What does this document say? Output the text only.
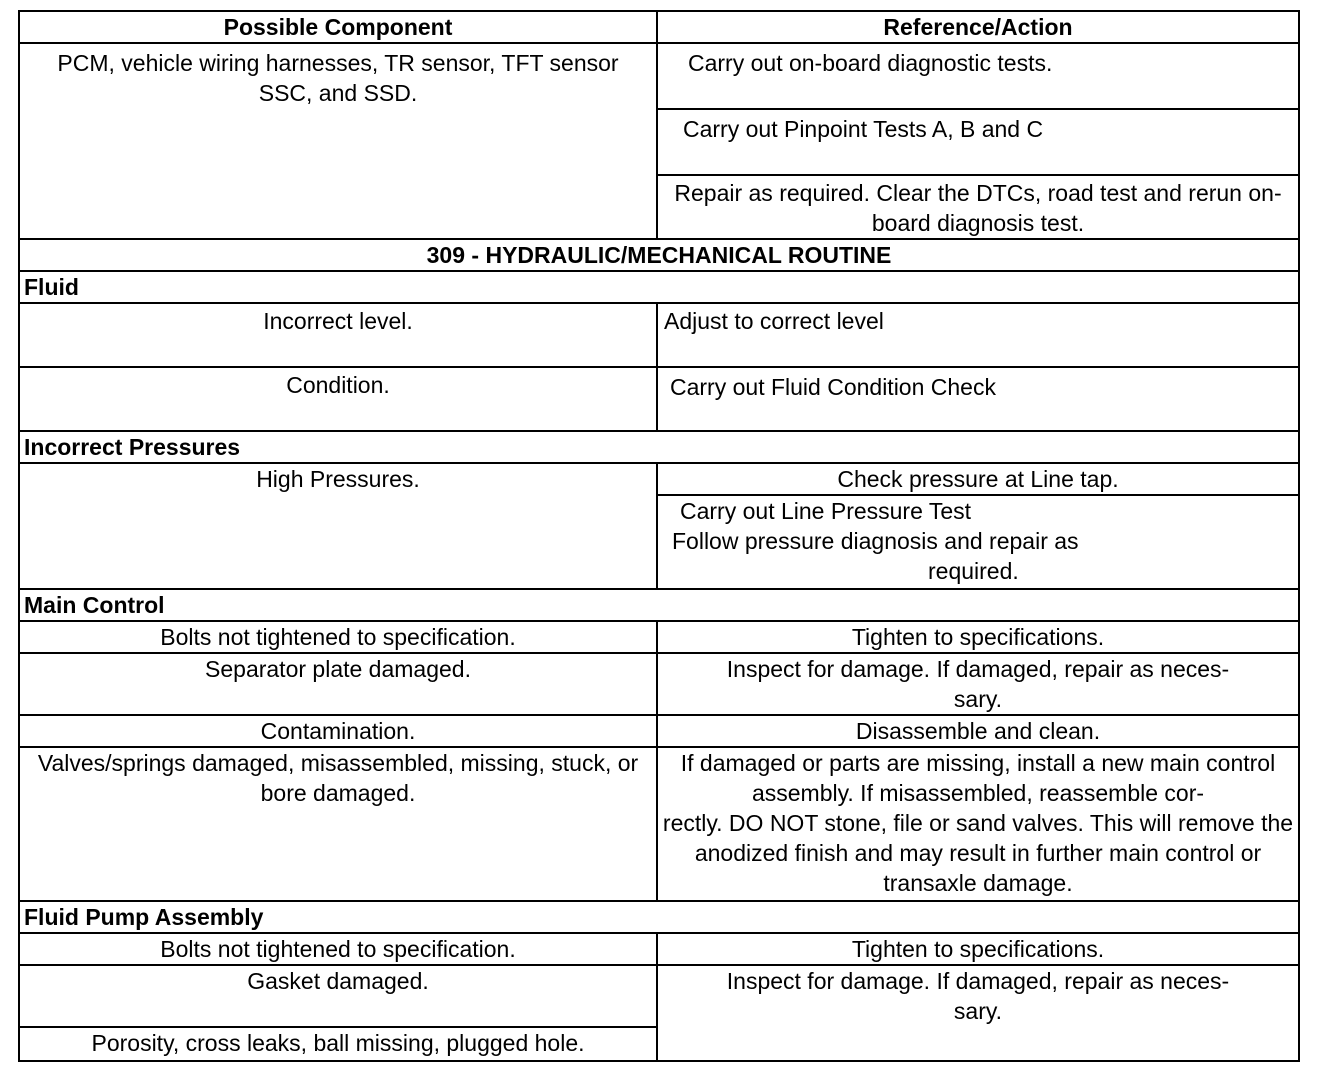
Possible Component	Reference/Action
PCM, vehicle wiring harnesses, TR sensor, TFT sensor SSC, and SSD.	Carry out on-board diagnostic tests.
	Carry out Pinpoint Tests A, B and C
	Repair as required. Clear the DTCs, road test and rerun on-board diagnosis test.
309 - HYDRAULIC/MECHANICAL ROUTINE	
Fluid	
Incorrect level.	Adjust to correct level
Condition.	Carry out Fluid Condition Check
Incorrect Pressures	
High Pressures.	Check pressure at Line tap.

	Carry out Line Pressure Test
Follow pressure diagnosis and repair as
required.

Main Control	
Bolts not tightened to specification.	Tighten to specifications.
Separator plate damaged.	Inspect for damage. If damaged, repair as neces-
sary.
Contamination.	Disassemble and clean.
Valves/springs damaged, misassembled, missing, stuck, or bore damaged.	If damaged or parts are missing, install a new main control assembly. If misassembled, reassemble cor-
rectly. DO NOT stone, file or sand valves. This will remove the anodized finish and may result in further main control or transaxle damage.
Fluid Pump Assembly	
Bolts not tightened to specification.	Tighten to specifications.
Gasket damaged.	Inspect for damage. If damaged, repair as neces-
sary.
Porosity, cross leaks, ball missing, plugged hole.	
